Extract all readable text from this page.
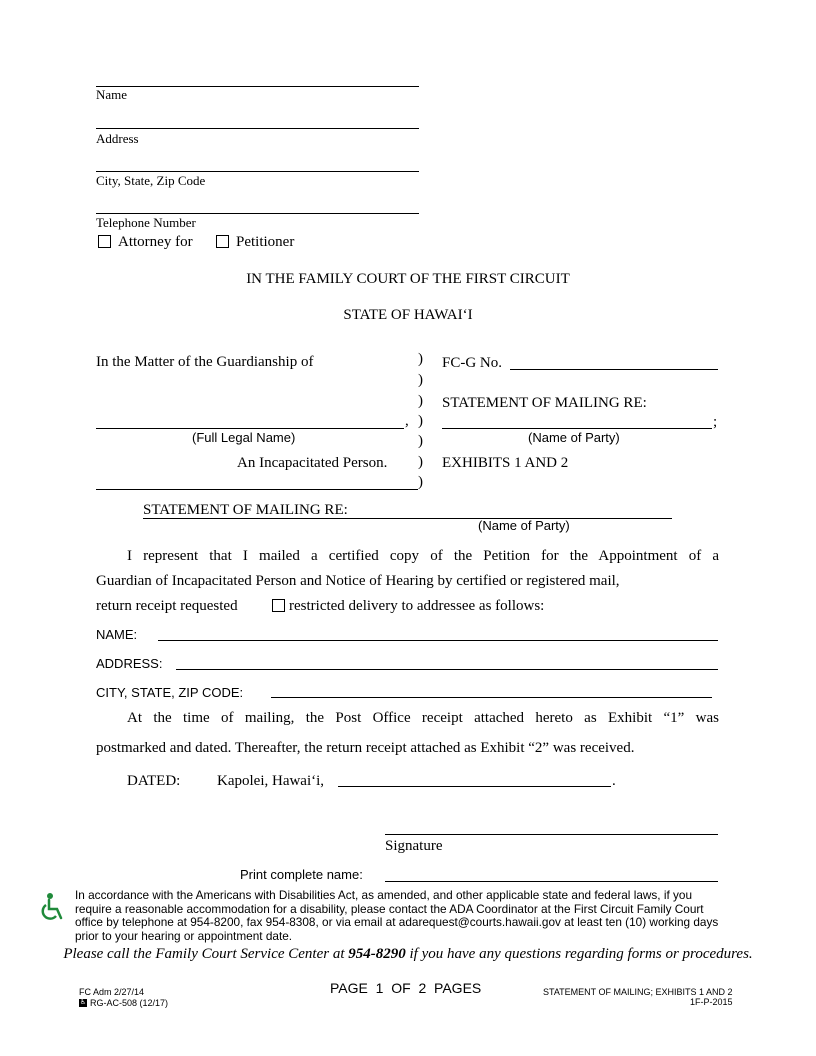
Name
Address
City, State, Zip Code
Telephone Number
Attorney for	Petitioner
IN THE FAMILY COURT OF THE FIRST CIRCUIT
STATE OF HAWAI‘I
In the Matter of the Guardianship of
,
(Full Legal Name)
An Incapacitated Person.
)
)
)
)
)
)
)
FC-G No.
STATEMENT OF MAILING RE:
;
(Name of Party)
EXHIBITS 1 AND 2
STATEMENT OF MAILING RE:
(Name of Party)
I represent that I mailed a certified copy of the Petition for the Appointment of a
Guardian of Incapacitated Person and Notice of Hearing by certified or registered mail,
return receipt requested	restricted delivery to addressee as follows:
NAME:
ADDRESS:
CITY, STATE, ZIP CODE:
At the time of mailing, the Post Office receipt attached hereto as Exhibit “1” was
postmarked and dated. Thereafter, the return receipt attached as Exhibit “2” was received.
DATED: Kapolei, Hawai‘i,	.
Signature
Print complete name:
In accordance with the Americans with Disabilities Act, as amended, and other applicable state and federal laws, if you
require a reasonable accommodation for a disability, please contact the ADA Coordinator at the First Circuit Family Court
office by telephone at 954-8200, fax 954-8308, or via email at adarequest@courts.hawaii.gov at least ten (10) working days
prior to your hearing or appointment date.
Please call the Family Court Service Center at 954-8290 if you have any questions regarding forms or procedures.
FC Adm 2/27/14
♿ RG-AC-508 (12/17)
PAGE 1 OF 2 PAGES	STATEMENT OF MAILING; EXHIBITS 1 AND 2
1F-P-2015
